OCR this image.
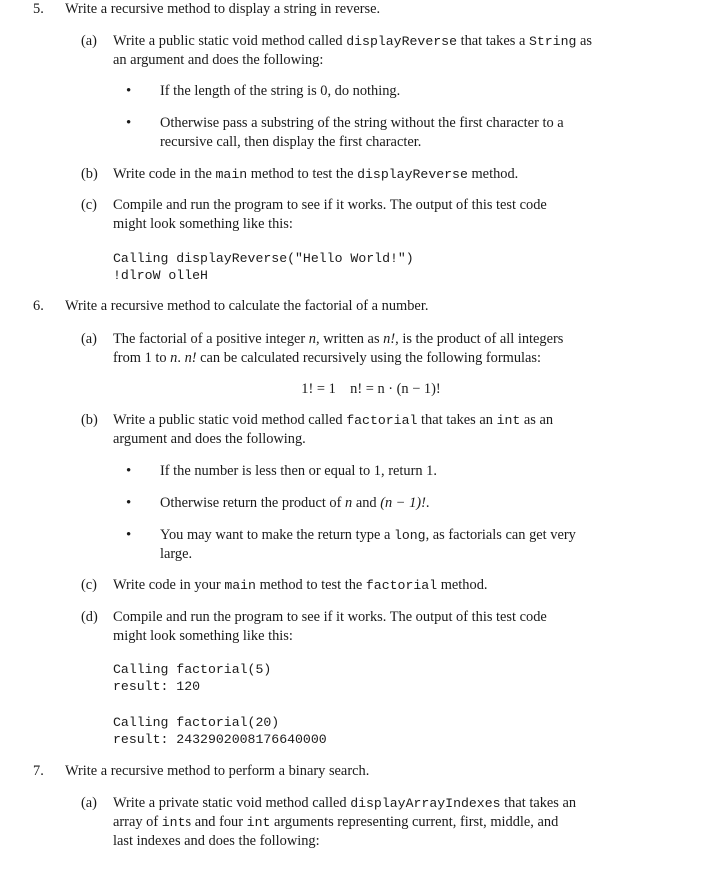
5. Write a recursive method to display a string in reverse.
(a) Write a public static void method called displayReverse that takes a String as
an argument and does the following:
• If the length of the string is 0, do nothing.
• Otherwise pass a substring of the string without the first character to a
recursive call, then display the first character.
(b) Write code in the main method to test the displayReverse method.
(c) Compile and run the program to see if it works. The output of this test code
might look something like this:
Calling displayReverse("Hello World!")
!dlroW olleH
6. Write a recursive method to calculate the factorial of a number.
(a) The factorial of a positive integer n, written as n!, is the product of all integers
from 1 to n. n! can be calculated recursively using the following formulas:
1! = 1    n! = n · (n − 1)!
(b) Write a public static void method called factorial that takes an int as an
argument and does the following.
• If the number is less then or equal to 1, return 1.
• Otherwise return the product of n and (n − 1)!.
• You may want to make the return type a long, as factorials can get very
large.
(c) Write code in your main method to test the factorial method.
(d) Compile and run the program to see if it works. The output of this test code
might look something like this:
Calling factorial(5)
result: 120
Calling factorial(20)
result: 2432902008176640000
7. Write a recursive method to perform a binary search.
(a) Write a private static void method called displayArrayIndexes that takes an
array of ints and four int arguments representing current, first, middle, and
last indexes and does the following:
